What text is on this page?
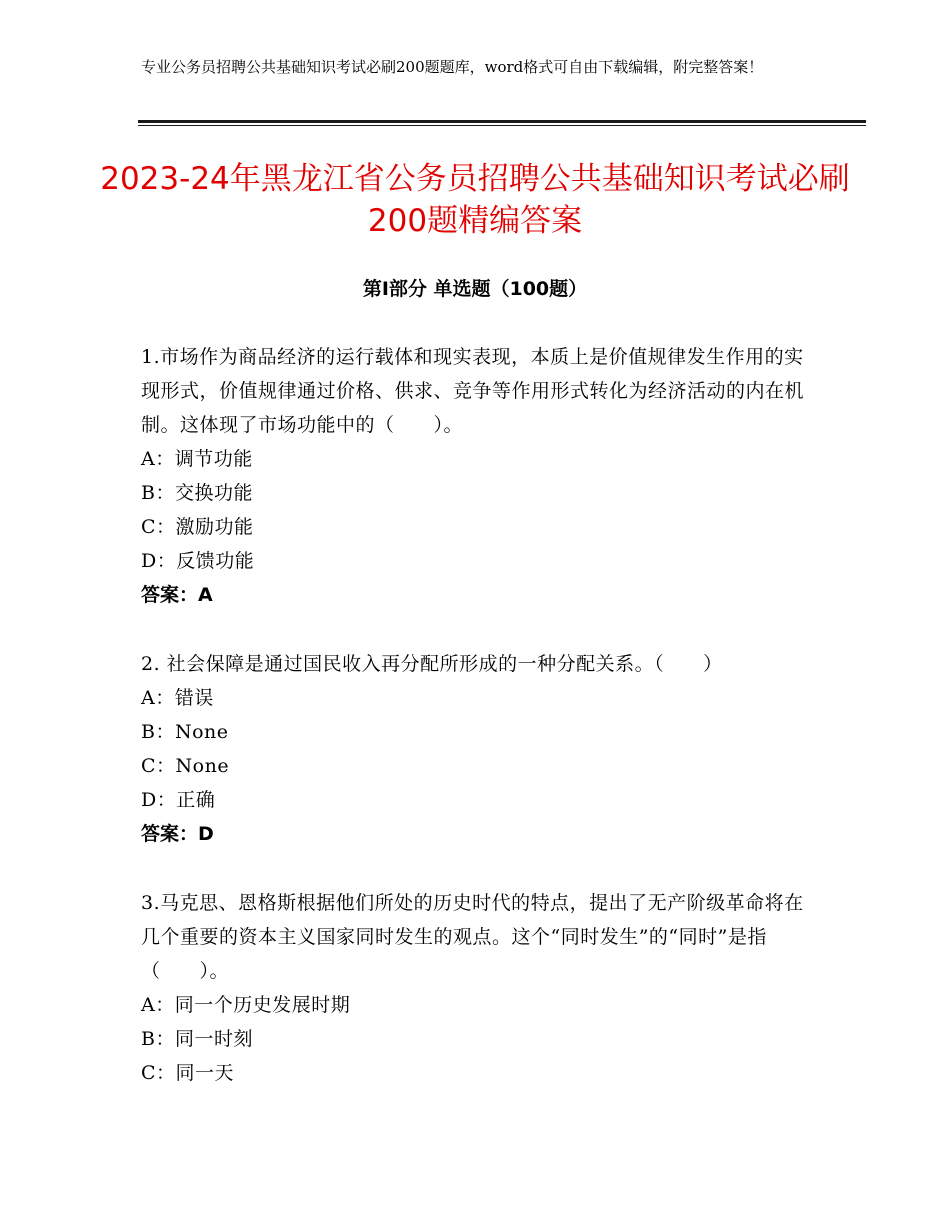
专业公务员招聘公共基础知识考试必刷200题题库，word格式可自由下载编辑，附完整答案！
2023-24年黑龙江省公务员招聘公共基础知识考试必刷200题精编答案
第Ⅰ部分 单选题（100题）

1.市场作为商品经济的运行载体和现实表现，本质上是价值规律发生作用的实现形式，价值规律通过价格、供求、竞争等作用形式转化为经济活动的内在机制。这体现了市场功能中的（　　）。

A：调节功能

B：交换功能

C：激励功能

D：反馈功能

答案：A

2. 社会保障是通过国民收入再分配所形成的一种分配关系。（　　）

A：错误

B：None

C：None

D：正确

答案：D

3.马克思、恩格斯根据他们所处的历史时代的特点，提出了无产阶级革命将在几个重要的资本主义国家同时发生的观点。这个“同时发生”的“同时”是指（　　）。

A：同一个历史发展时期

B：同一时刻

C：同一天
